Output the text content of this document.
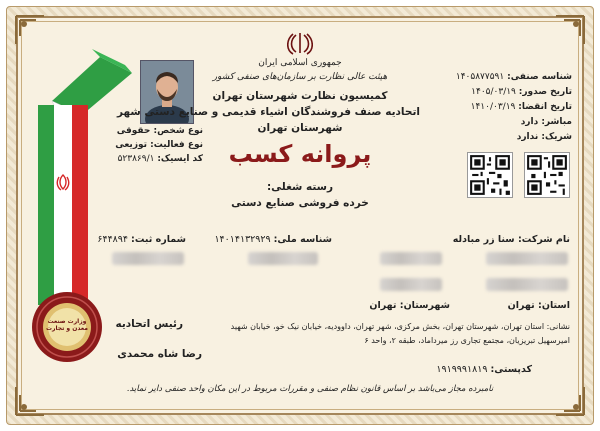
وزارت صنعت معدن و تجارت
نوع شخص: حقوقی
نوع فعالیت: توزیعی
کد ایسیک: ۵۲۳۸۶۹/۱
جمهوری اسلامی ایران
هیئت عالی نظارت بر سازمان‌های صنفی کشور
کمیسیون نظارت شهرستان تهران
اتحادیه صنف فروشندگان اشیاء قدیمی و صنایع دستی شهر
شهرستان تهران
پروانه کسب
رسته شغلی:
خرده فروشی صنایع دستی
شناسه صنفی: ۱۴۰۵۸۷۷۵۹۱
تاریخ صدور: ۱۴۰۵/۰۳/۱۹
تاریخ انقضا: ۱۴۱۰/۰۳/۱۹
مباشر: دارد
شریک: ندارد
نام شرکت: سنا زر مبادله
شناسه ملی: ۱۴۰۱۴۱۳۲۹۲۹
شماره ثبت: ۶۴۴۸۹۴
استان: تهران
شهرستان: تهران
نشانی: استان تهران، شهرستان تهران، بخش مرکزی، شهر تهران، داوودیه، خیابان نیک خو، خیابان شهید
امیرسهیل تبریزیان، مجتمع تجاری رز میرداماد، طبقه ۲، واحد ۶
کدپستی: ۱۹۱۹۹۹۱۸۱۹
رئیس اتحادیه
رضا شاه محمدی
نامبرده مجاز می‌باشد بر اساس قانون نظام صنفی و مقررات مربوط در این مکان واحد صنفی دایر نماید.
